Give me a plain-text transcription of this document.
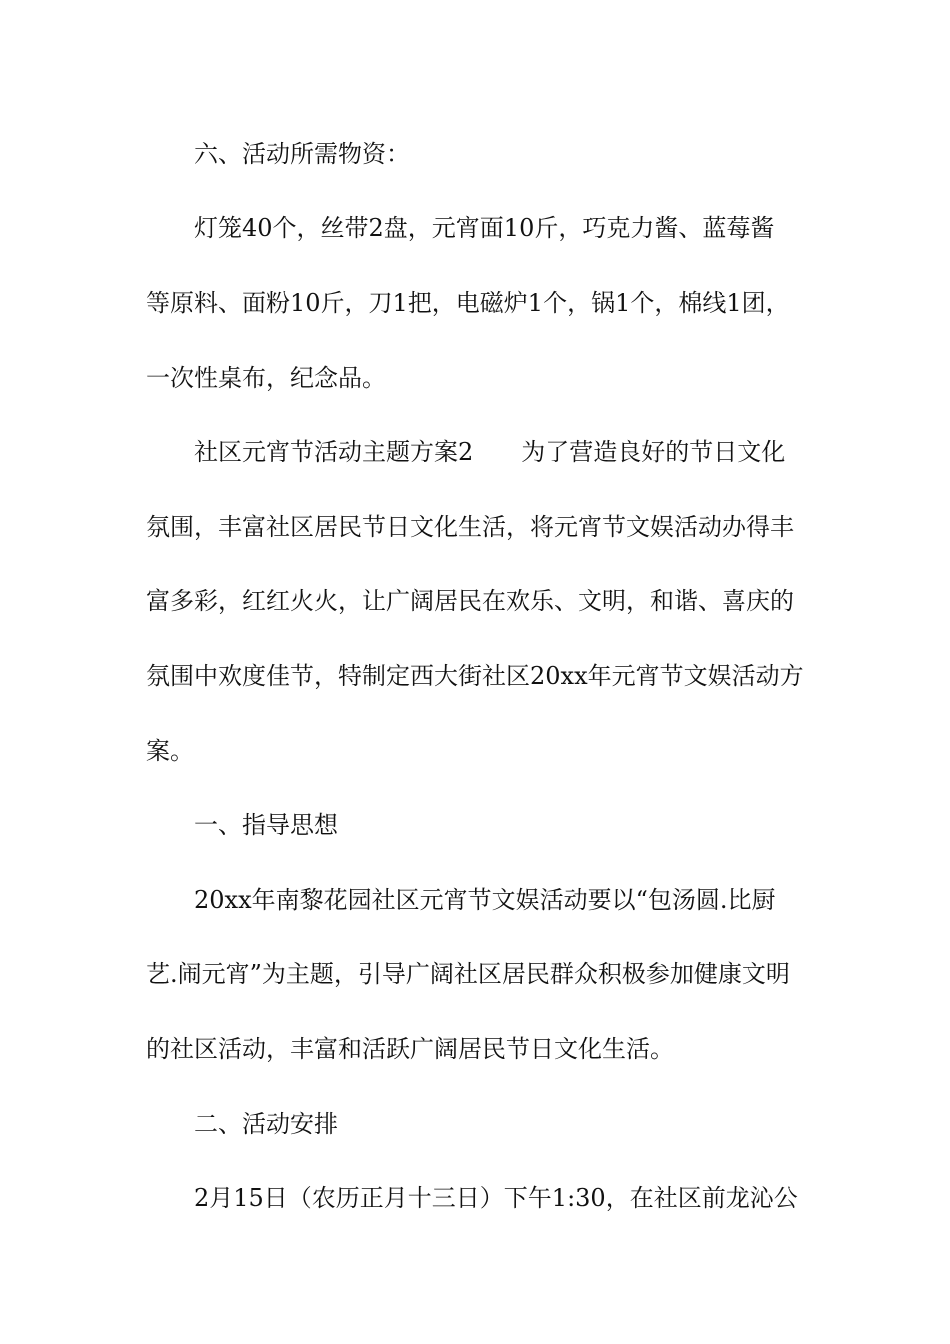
六、活动所需物资：
灯笼40个，丝带2盘，元宵面10斤，巧克力酱、蓝莓酱
等原料、面粉10斤，刀1把，电磁炉1个，锅1个，棉线1团，
一次性桌布，纪念品。
社区元宵节活动主题方案2 为了营造良好的节日文化
氛围，丰富社区居民节日文化生活，将元宵节文娱活动办得丰
富多彩，红红火火，让广阔居民在欢乐、文明，和谐、喜庆的
氛围中欢度佳节，特制定西大街社区20xx年元宵节文娱活动方
案。
一、指导思想
20xx年南黎花园社区元宵节文娱活动要以“包汤圆.比厨
艺.闹元宵”为主题，引导广阔社区居民群众积极参加健康文明
的社区活动，丰富和活跃广阔居民节日文化生活。
二、活动安排
2月15日（农历正月十三日）下午1:30，在社区前龙沁公
